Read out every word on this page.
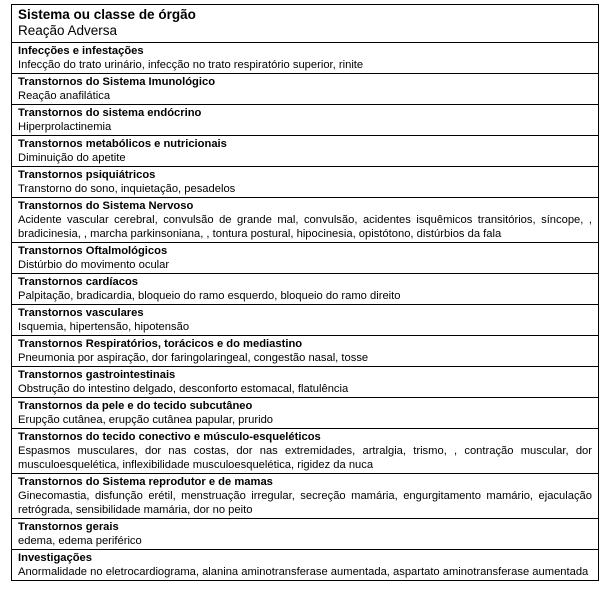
Sistema ou classe de órgão
Reação Adversa
Infecções e infestações
Infecção do trato urinário, infecção no trato respiratório superior, rinite
Transtornos do Sistema Imunológico
Reação anafilática
Transtornos do sistema endócrino
Hiperprolactinemia
Transtornos metabólicos e nutricionais
Diminuição do apetite
Transtornos psiquiátricos
Transtorno do sono, inquietação, pesadelos
Transtornos do Sistema Nervoso
Acidente vascular cerebral, convulsão de grande mal, convulsão, acidentes isquêmicos transitórios, síncope, , bradicinesia, , marcha parkinsoniana, , tontura postural, hipocinesia, opistótono, distúrbios da fala
Transtornos Oftalmológicos
Distúrbio do movimento ocular
Transtornos cardíacos
Palpitação, bradicardia, bloqueio do ramo esquerdo, bloqueio do ramo direito
Transtornos vasculares
Isquemia, hipertensão, hipotensão
Transtornos Respiratórios, torácicos e do mediastino
Pneumonia por aspiração, dor faringolaringeal, congestão nasal, tosse
Transtornos gastrointestinais
Obstrução do intestino delgado, desconforto estomacal, flatulência
Transtornos da pele e do tecido subcutâneo
Erupção cutânea, erupção cutânea papular, prurido
Transtornos do tecido conectivo e músculo-esqueléticos
Espasmos musculares, dor nas costas, dor nas extremidades, artralgia, trismo, , contração muscular, dor musculoesquelética, inflexibilidade musculoesquelética, rigidez da nuca
Transtornos do Sistema reprodutor e de mamas
Ginecomastia, disfunção erétil, menstruação irregular, secreção mamária, engurgitamento mamário, ejaculação retrógrada, sensibilidade mamária, dor no peito
Transtornos gerais
edema, edema periférico
Investigações
Anormalidade no eletrocardiograma, alanina aminotransferase aumentada, aspartato aminotransferase aumentada
